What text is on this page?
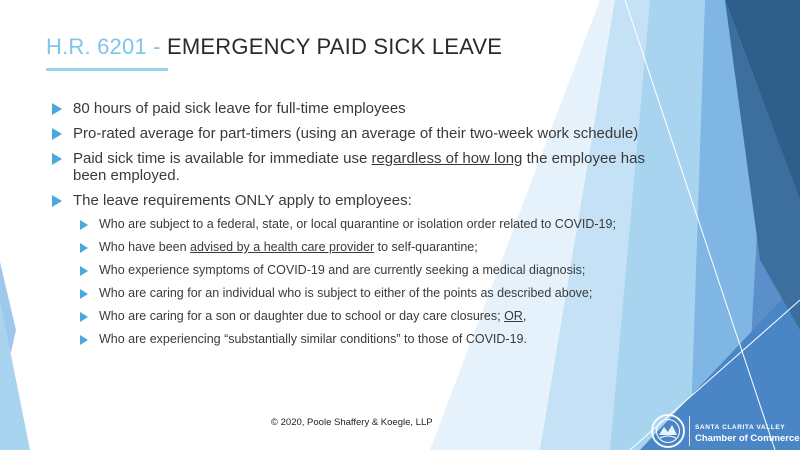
H.R. 6201 - EMERGENCY PAID SICK LEAVE
80 hours of paid sick leave for full-time employees
Pro-rated average for part-timers (using an average of their two-week work schedule)
Paid sick time is available for immediate use regardless of how long the employee has been employed.
The leave requirements ONLY apply to employees:
Who are subject to a federal, state, or local quarantine or isolation order related to COVID-19;
Who have been advised by a health care provider to self-quarantine;
Who experience symptoms of COVID-19 and are currently seeking a medical diagnosis;
Who are caring for an individual who is subject to either of the points as described above;
Who are caring for a son or daughter due to school or day care closures; OR,
Who are experiencing “substantially similar conditions” to those of COVID-19.
© 2020, Poole Shaffery & Koegle, LLP	SANTA CLARITA VALLEY
Chamber of Commerce
